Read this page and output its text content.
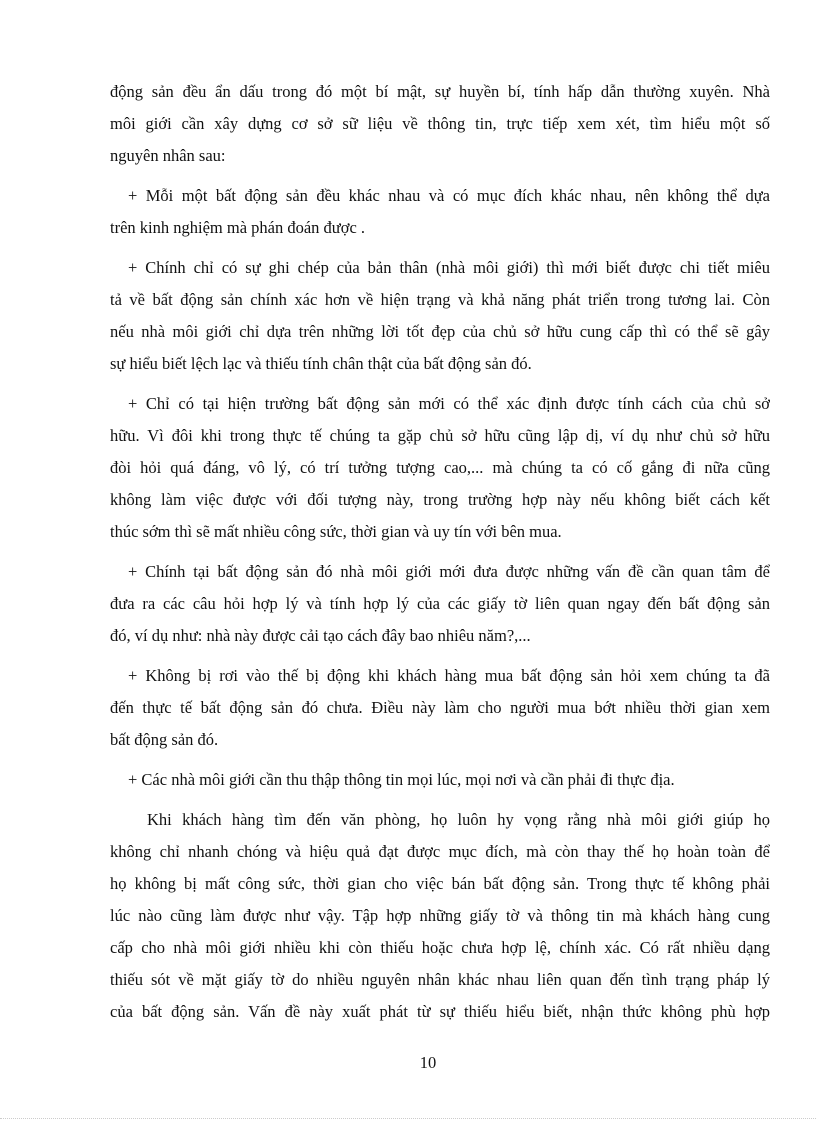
động sản đều ẩn dấu trong đó một bí mật, sự huyền bí, tính hấp dẫn thường xuyên. Nhà
môi giới cần xây dựng cơ sở sữ liệu về thông tin, trực tiếp xem xét, tìm hiểu một số
nguyên nhân sau:
+ Mỗi một bất động sản đều khác nhau và có mục đích khác nhau, nên không thể dựa
trên kinh nghiệm mà phán đoán được .
+ Chính chỉ có sự ghi chép của bản thân (nhà môi giới) thì mới biết được chi tiết miêu
tả về bất động sản chính xác hơn về hiện trạng và khả năng phát triển trong tương lai. Còn
nếu nhà môi giới chỉ dựa trên những lời tốt đẹp của chủ sở hữu cung cấp thì có thể sẽ gây
sự hiểu biết lệch lạc và thiếu tính chân thật của bất động sản đó.
+ Chỉ có tại hiện trường bất động sản mới có thể xác định được tính cách của chủ sở
hữu. Vì đôi khi trong thực tế chúng ta gặp chủ sở hữu cũng lập dị, ví dụ như chủ sở hữu
đòi hỏi quá đáng, vô lý, có trí tưởng tượng cao,... mà chúng ta có cố gắng đi nữa cũng
không làm việc được với đối tượng này, trong trường hợp này nếu không biết cách kết
thúc sớm thì sẽ mất nhiều công sức, thời gian và uy tín với bên mua.
+ Chính tại bất động sản đó nhà môi giới mới đưa được những vấn đề cần quan tâm để
đưa ra các câu hỏi hợp lý và tính hợp lý của các giấy tờ liên quan ngay đến bất động sản
đó, ví dụ như: nhà này được cải tạo cách đây bao nhiêu năm?,...
+ Không bị rơi vào thế bị động khi khách hàng mua bất động sản hỏi xem chúng ta đã
đến thực tế bất động sản đó chưa. Điều này làm cho người mua bớt nhiều thời gian xem
bất động sản đó.
+ Các nhà môi giới cần thu thập thông tin mọi lúc, mọi nơi và cần phải đi thực địa.
Khi khách hàng tìm đến văn phòng, họ luôn hy vọng rằng nhà môi giới giúp họ
không chỉ nhanh chóng và hiệu quả đạt được mục đích, mà còn thay thế họ hoàn toàn để
họ không bị mất công sức, thời gian cho việc bán bất động sản. Trong thực tế không phải
lúc nào cũng làm được như vậy. Tập hợp những giấy tờ và thông tin mà khách hàng cung
cấp cho nhà môi giới nhiều khi còn thiếu hoặc chưa hợp lệ, chính xác. Có rất nhiều dạng
thiếu sót về mặt giấy tờ do nhiều nguyên nhân khác nhau liên quan đến tình trạng pháp lý
của bất động sản. Vấn đề này xuất phát từ sự thiếu hiểu biết, nhận thức không phù hợp
10
